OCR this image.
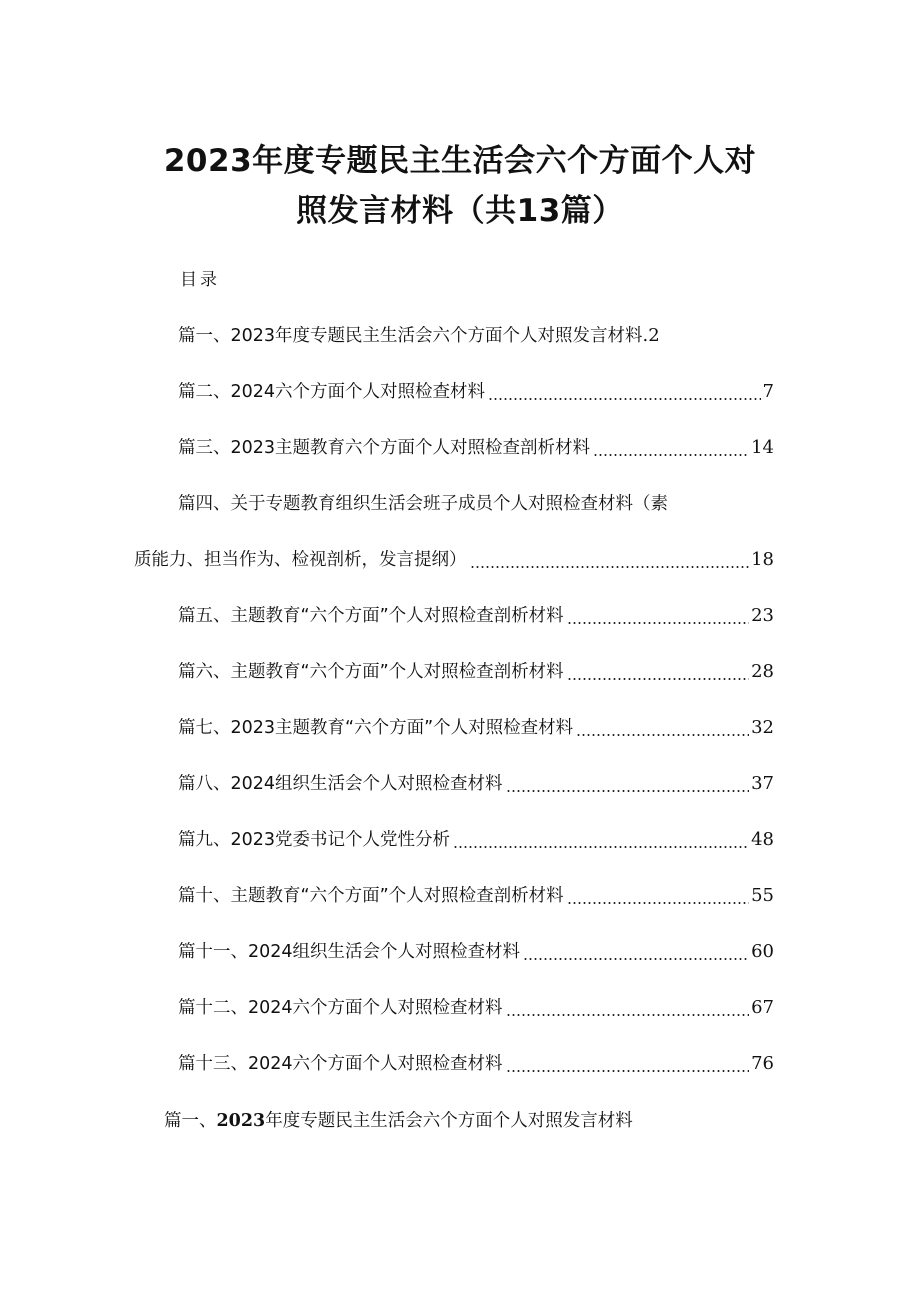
2023年度专题民主生活会六个方面个人对
照发言材料（共13篇）
目录
篇一、2023年度专题民主生活会六个方面个人对照发言材料 .2
篇二、2024六个方面个人对照检查材料	7
篇三、2023主题教育六个方面个人对照检查剖析材料	14
篇四、关于专题教育组织生活会班子成员个人对照检查材料（素
质能力、担当作为、检视剖析，发言提纲）	18
篇五、主题教育“六个方面”个人对照检查剖析材料	23
篇六、主题教育“六个方面”个人对照检查剖析材料	28
篇七、2023主题教育“六个方面”个人对照检查材料	32
篇八、2024组织生活会个人对照检查材料	37
篇九、2023党委书记个人党性分析	48
篇十、主题教育“六个方面”个人对照检查剖析材料	55
篇十一、2024组织生活会个人对照检查材料	60
篇十二、2024六个方面个人对照检查材料	67
篇十三、2024六个方面个人对照检查材料	76
篇一、2023年度专题民主生活会六个方面个人对照发言材料
